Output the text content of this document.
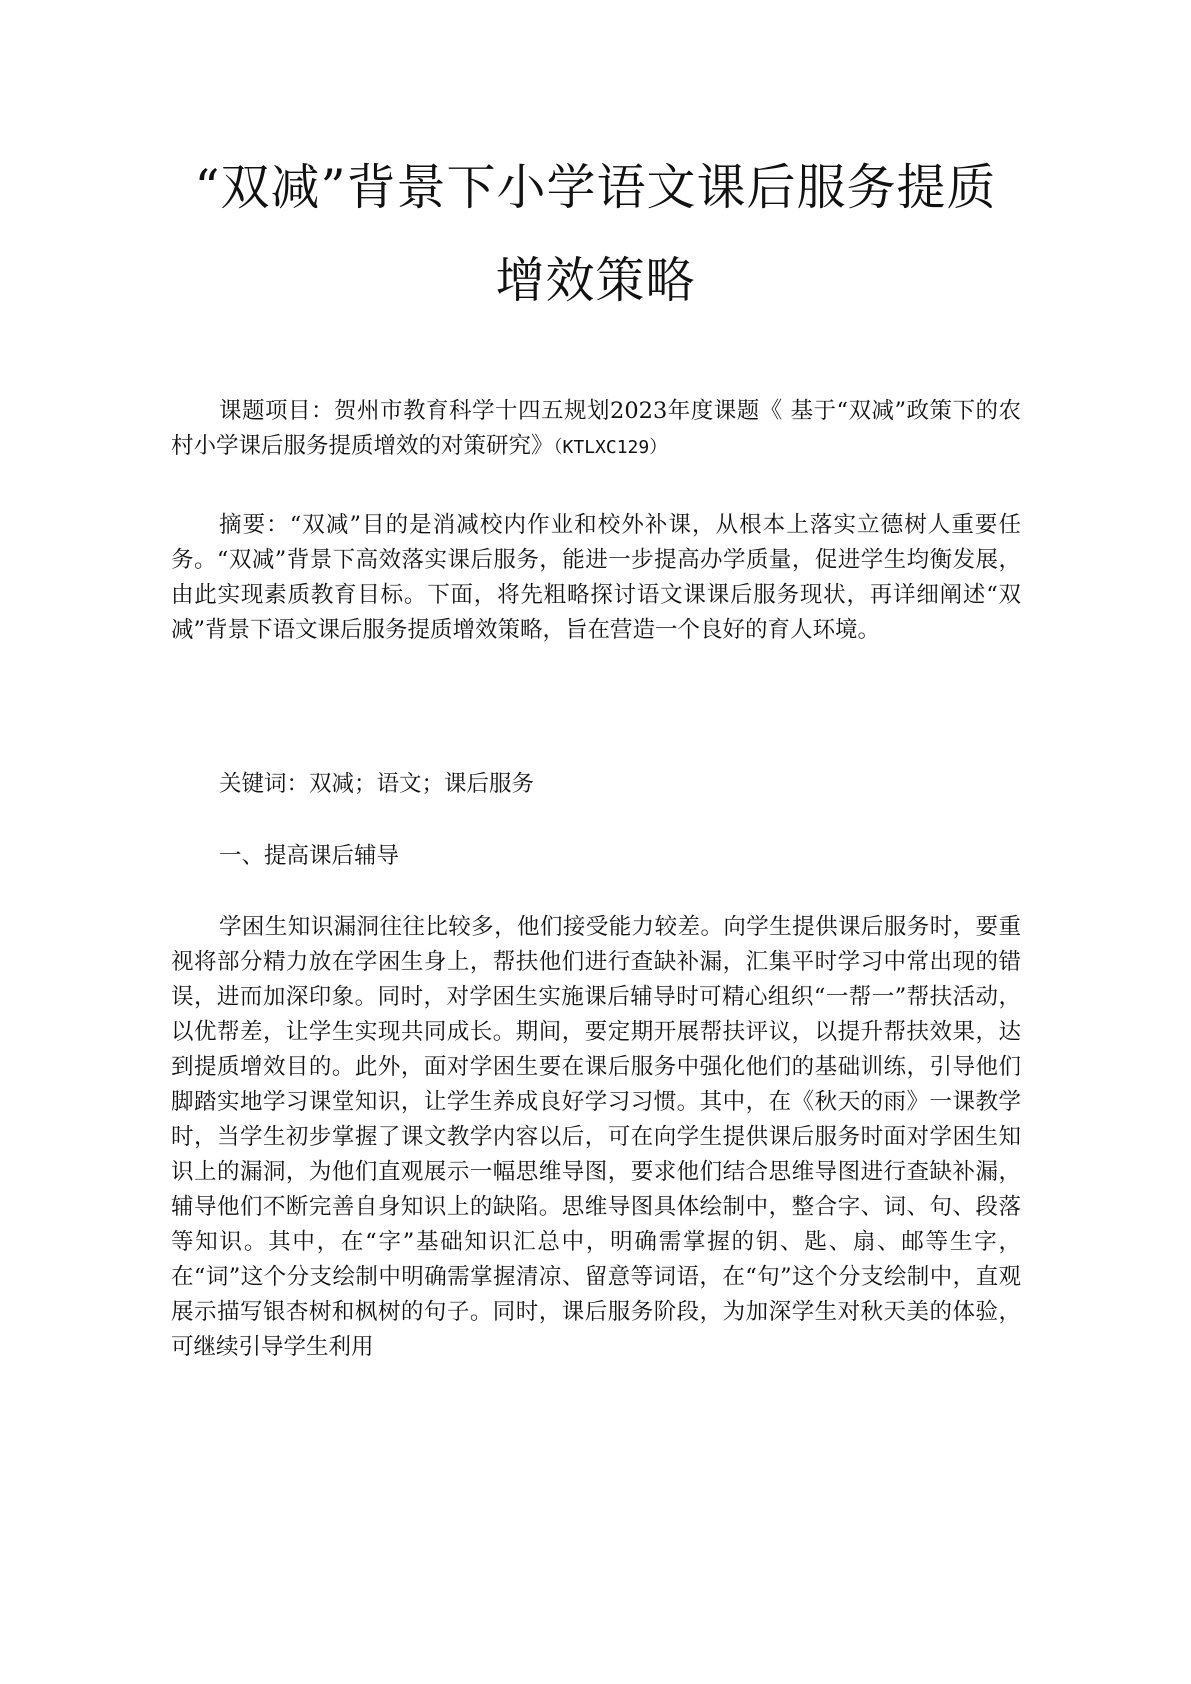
“双减”背景下小学语文课后服务提质
增效策略

课题项目：贺州市教育科学十四五规划2023年度课题《 基于“双减”政策下的农村小学课后服务提质增效的对策研究》（KTLXC129）

摘要：“双减”目的是消减校内作业和校外补课，从根本上落实立德树人重要任务。“双减”背景下高效落实课后服务，能进一步提高办学质量，促进学生均衡发展，由此实现素质教育目标。下面，将先粗略探讨语文课课后服务现状，再详细阐述“双减”背景下语文课后服务提质增效策略，旨在营造一个良好的育人环境。

关键词：双减；语文；课后服务

一、提高课后辅导

学困生知识漏洞往往比较多，他们接受能力较差。向学生提供课后服务时，要重视将部分精力放在学困生身上，帮扶他们进行查缺补漏，汇集平时学习中常出现的错误，进而加深印象。同时，对学困生实施课后辅导时可精心组织“一帮一”帮扶活动，以优帮差，让学生实现共同成长。期间，要定期开展帮扶评议，以提升帮扶效果，达到提质增效目的。此外，面对学困生要在课后服务中强化他们的基础训练，引导他们脚踏实地学习课堂知识，让学生养成良好学习习惯。其中，在《秋天的雨》一课教学时，当学生初步掌握了课文教学内容以后，可在向学生提供课后服务时面对学困生知识上的漏洞，为他们直观展示一幅思维导图，要求他们结合思维导图进行查缺补漏，辅导他们不断完善自身知识上的缺陷。思维导图具体绘制中，整合字、词、句、段落等知识。其中，在“字”基础知识汇总中，明确需掌握的钥、匙、扇、邮等生字，在“词”这个分支绘制中明确需掌握清凉、留意等词语，在“句”这个分支绘制中，直观展示描写银杏树和枫树的句子。同时，课后服务阶段，为加深学生对秋天美的体验，可继续引导学生利用
